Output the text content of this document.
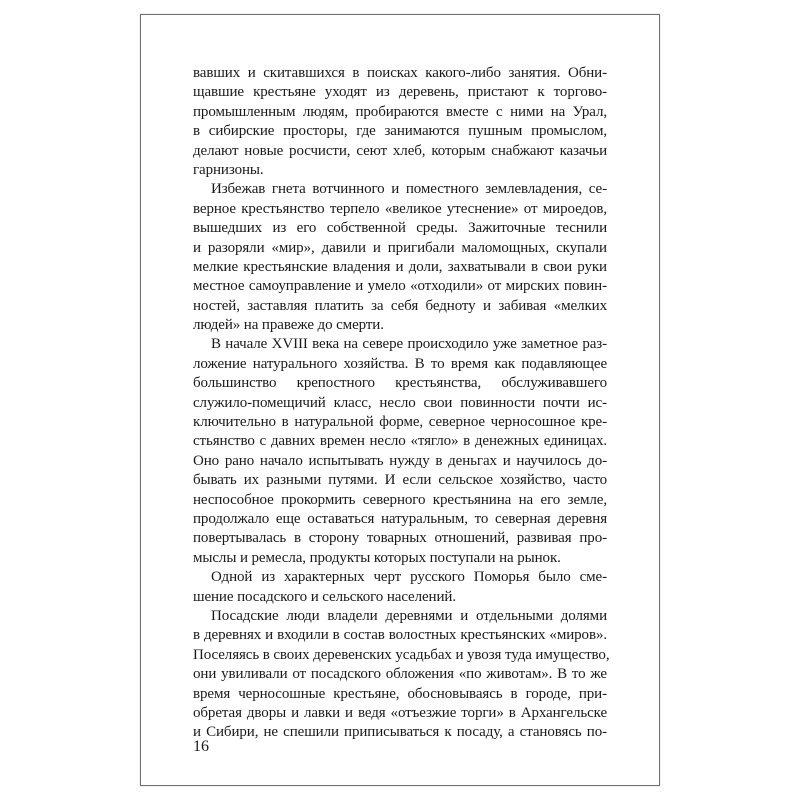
вавших и скитавшихся в поисках какого-либо занятия. Обни-
щавшие крестьяне уходят из деревень, пристают к торгово-
промышленным людям, пробираются вместе с ними на Урал,
в сибирские просторы, где занимаются пушным промыслом,
делают новые росчисти, сеют хлеб, которым снабжают казачьи
гарнизоны.
Избежав гнета вотчинного и поместного землевладения, се-
верное крестьянство терпело «великое утеснение» от мироедов,
вышедших из его собственной среды. Зажиточные теснили
и разоряли «мир», давили и пригибали маломощных, скупали
мелкие крестьянские владения и доли, захватывали в свои руки
местное самоуправление и умело «отходили» от мирских повин-
ностей, заставляя платить за себя бедноту и забивая «мелких
людей» на правеже до смерти.
В начале XVIII века на севере происходило уже заметное раз-
ложение натурального хозяйства. В то время как подавляющее
большинство крепостного крестьянства, обслуживавшего
служило-помещичий класс, несло свои повинности почти ис-
ключительно в натуральной форме, северное черносошное кре-
стьянство с давних времен несло «тягло» в денежных единицах.
Оно рано начало испытывать нужду в деньгах и научилось до-
бывать их разными путями. И если сельское хозяйство, часто
неспособное прокормить северного крестьянина на его земле,
продолжало еще оставаться натуральным, то северная деревня
повертывалась в сторону товарных отношений, развивая про-
мыслы и ремесла, продукты которых поступали на рынок.
Одной из характерных черт русского Поморья было сме-
шение посадского и сельского населений.
Посадские люди владели деревнями и отдельными долями
в деревнях и входили в состав волостных крестьянских «миров».
Поселяясь в своих деревенских усадьбах и увозя туда имущество,
они увиливали от посадского обложения «по животам». В то же
время черносошные крестьяне, обосновываясь в городе, при-
обретая дворы и лавки и ведя «отъезжие торги» в Архангельске
и Сибири, не спешили приписываться к посаду, а становясь по-
16
